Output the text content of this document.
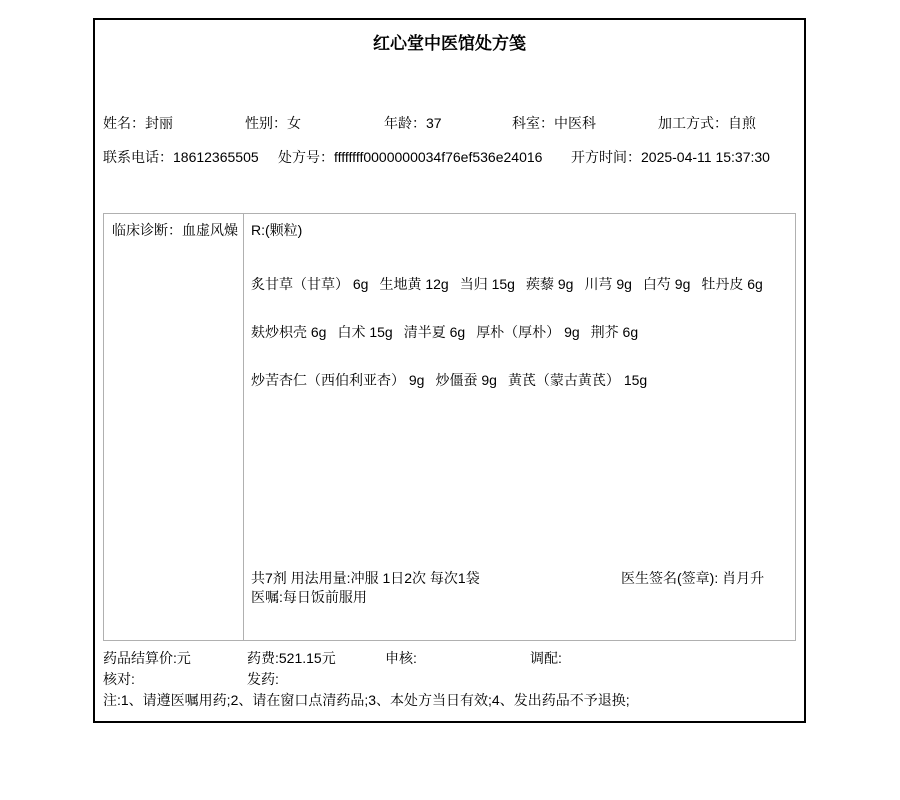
红心堂中医馆处方笺
姓名：封丽	性别：女	年龄：37	科室：中医科	加工方式：自煎
联系电话：18612365505 处方号：ffffffff0000000034f76ef536e24016 开方时间：2025-04-11 15:37:30
临床诊断：血虚风燥 R:(颗粒)
炙甘草（甘草） 6g 生地黄 12g 当归 15g 蒺藜 9g 川芎 9g 白芍 9g 牡丹皮 6g
麸炒枳壳 6g 白术 15g 清半夏 6g 厚朴（厚朴） 9g 荆芥 6g
炒苦杏仁（西伯利亚杏） 9g 炒僵蚕 9g 黄芪（蒙古黄芪） 15g
共7剂 用法用量:冲服 1日2次 每次1袋
医嘱:每日饭前服用
医生签名(签章): 肖月升
药品结算价:元	药费:521.15元	申核:	调配:
核对:	发药:
注:1、请遵医嘱用药;2、请在窗口点清药品;3、本处方当日有效;4、发出药品不予退换;
